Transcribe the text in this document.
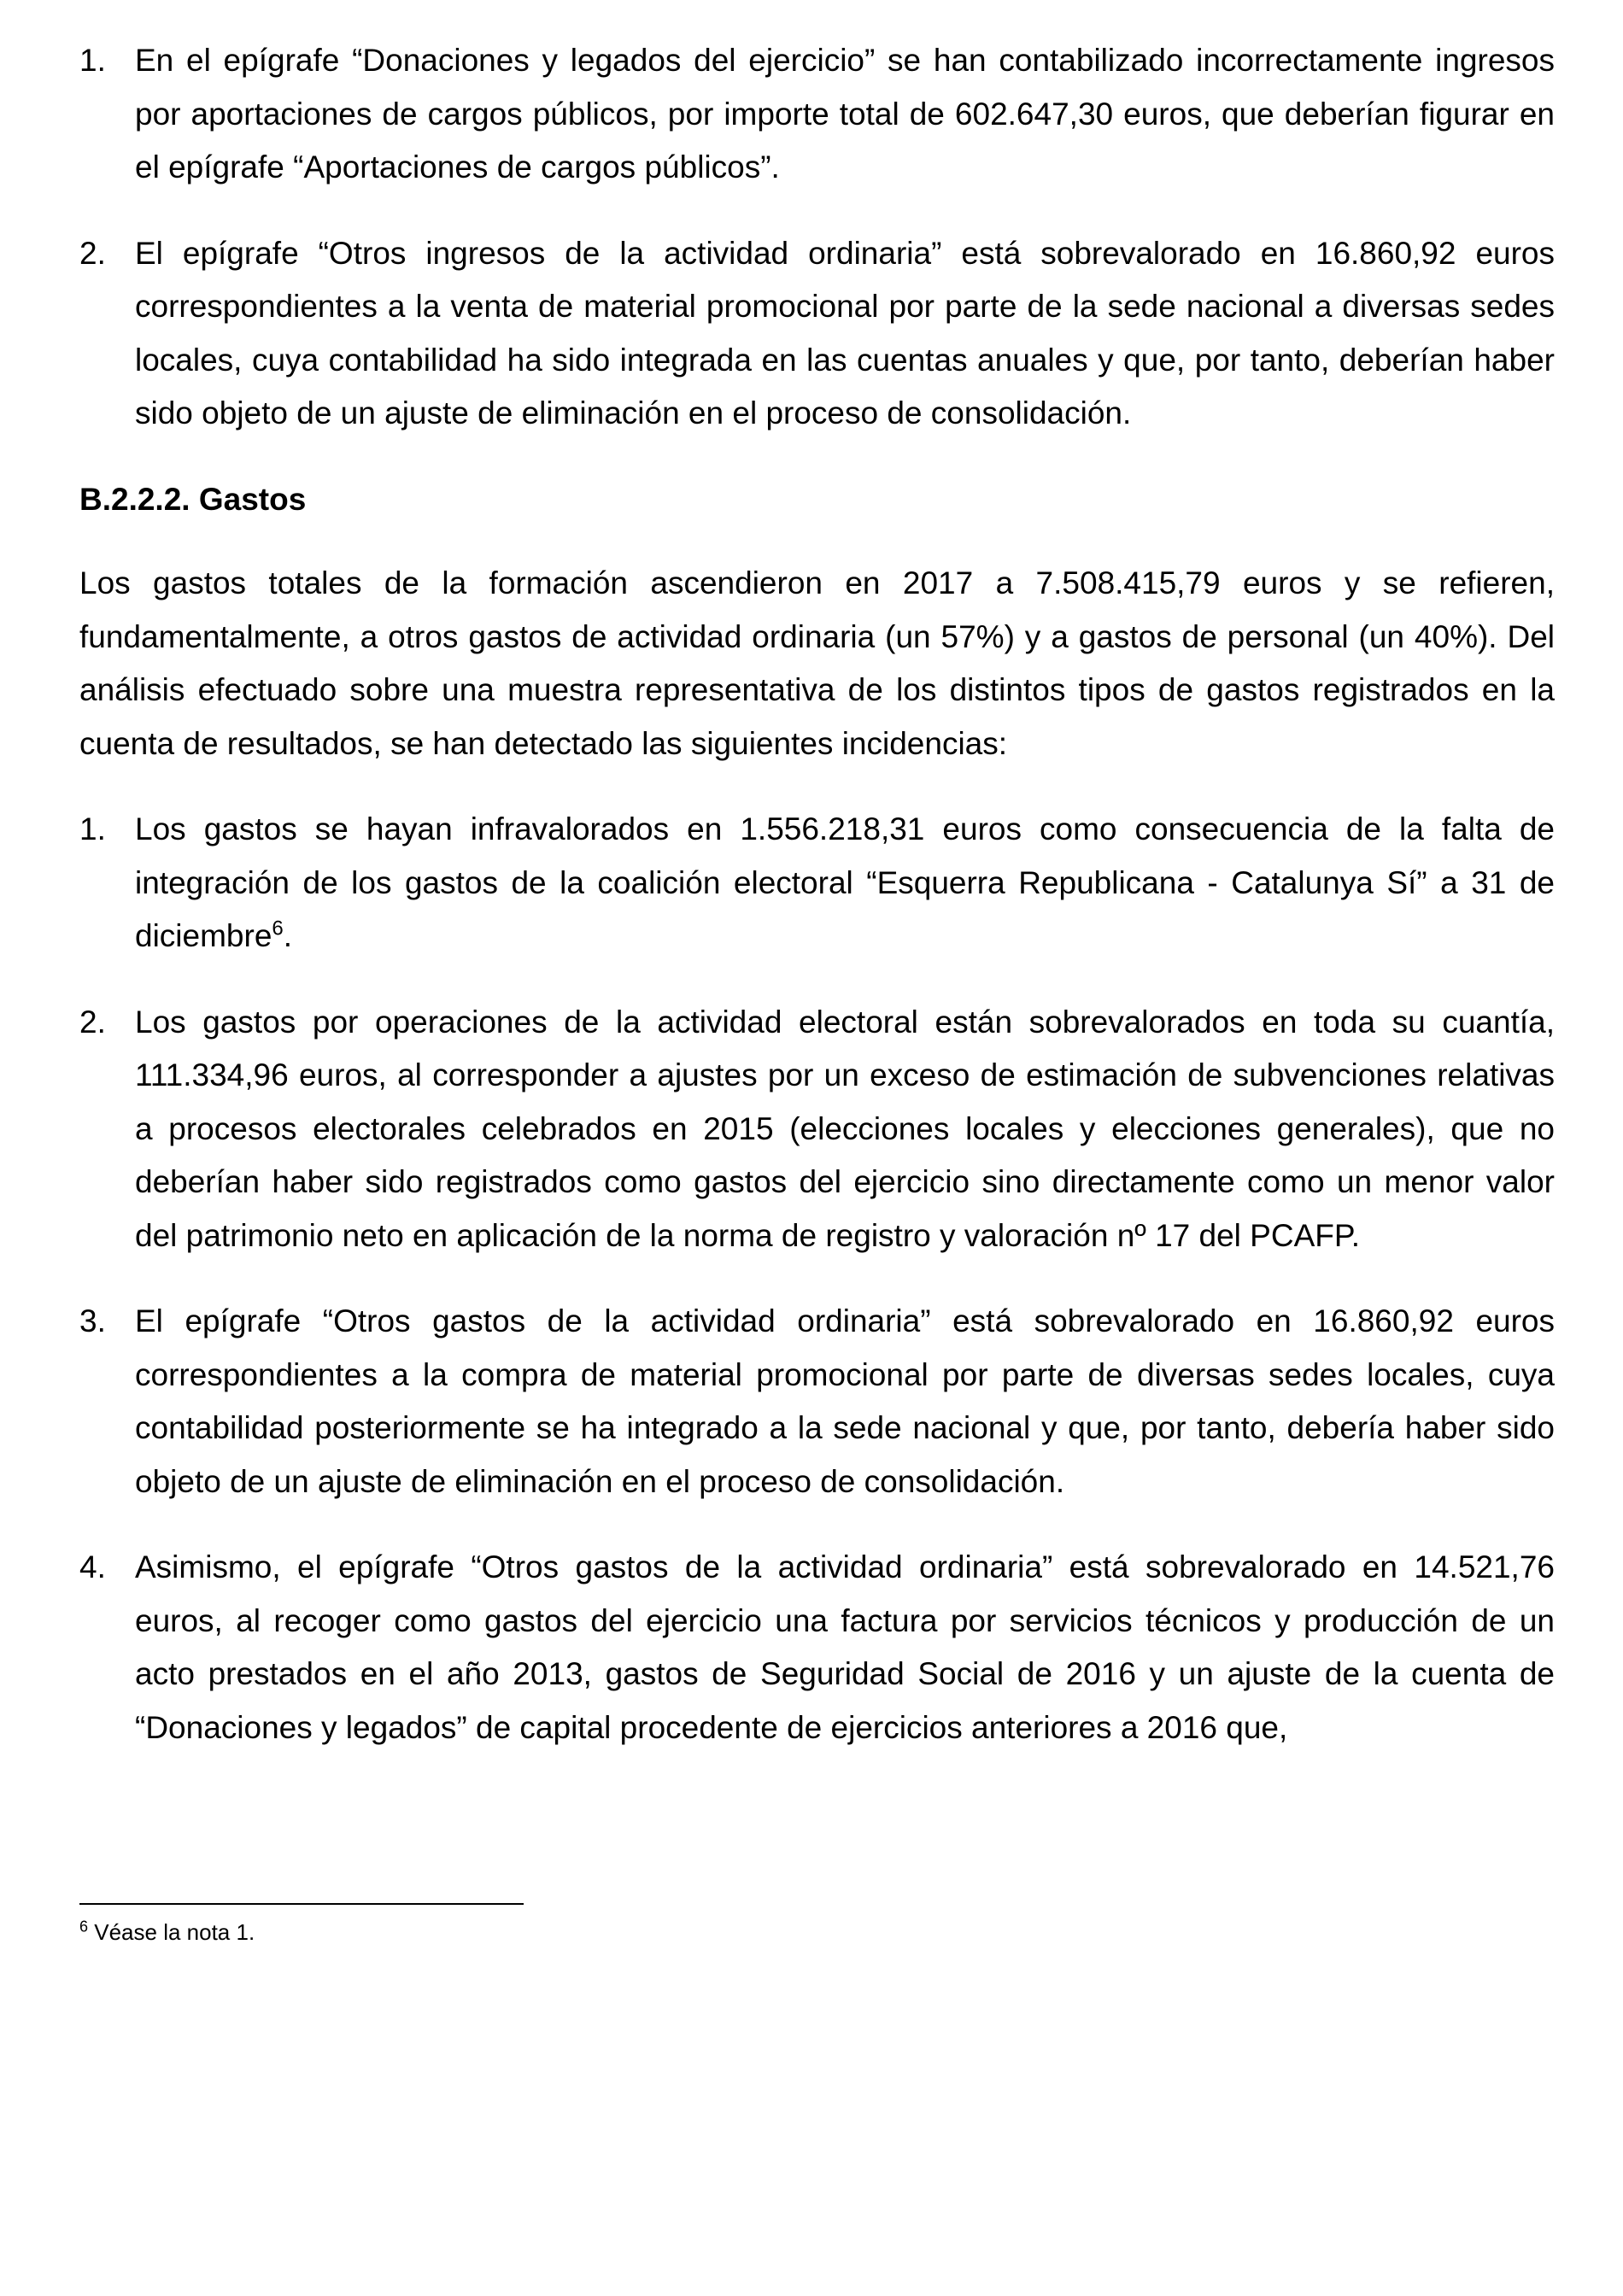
1. En el epígrafe “Donaciones y legados del ejercicio” se han contabilizado incorrectamente ingresos por aportaciones de cargos públicos, por importe total de 602.647,30 euros, que deberían figurar en el epígrafe “Aportaciones de cargos públicos”.
2. El epígrafe “Otros ingresos de la actividad ordinaria” está sobrevalorado en 16.860,92 euros correspondientes a la venta de material promocional por parte de la sede nacional a diversas sedes locales, cuya contabilidad ha sido integrada en las cuentas anuales y que, por tanto, deberían haber sido objeto de un ajuste de eliminación en el proceso de consolidación.
B.2.2.2. Gastos

Los gastos totales de la formación ascendieron en 2017 a 7.508.415,79 euros y se refieren, fundamentalmente, a otros gastos de actividad ordinaria (un 57%) y a gastos de personal (un 40%). Del análisis efectuado sobre una muestra representativa de los distintos tipos de gastos registrados en la cuenta de resultados, se han detectado las siguientes incidencias:

1. Los gastos se hayan infravalorados en 1.556.218,31 euros como consecuencia de la falta de integración de los gastos de la coalición electoral “Esquerra Republicana - Catalunya Sí” a 31 de diciembre$^6$.
2. Los gastos por operaciones de la actividad electoral están sobrevalorados en toda su cuantía, 111.334,96 euros, al corresponder a ajustes por un exceso de estimación de subvenciones relativas a procesos electorales celebrados en 2015 (elecciones locales y elecciones generales), que no deberían haber sido registrados como gastos del ejercicio sino directamente como un menor valor del patrimonio neto en aplicación de la norma de registro y valoración nº 17 del PCAFP.
3. El epígrafe “Otros gastos de la actividad ordinaria” está sobrevalorado en 16.860,92 euros correspondientes a la compra de material promocional por parte de diversas sedes locales, cuya contabilidad posteriormente se ha integrado a la sede nacional y que, por tanto, debería haber sido objeto de un ajuste de eliminación en el proceso de consolidación.
4. Asimismo, el epígrafe “Otros gastos de la actividad ordinaria” está sobrevalorado en 14.521,76 euros, al recoger como gastos del ejercicio una factura por servicios técnicos y producción de un acto prestados en el año 2013, gastos de Seguridad Social de 2016 y un ajuste de la cuenta de “Donaciones y legados” de capital procedente de ejercicios anteriores a 2016 que,
$^6$ Véase la nota 1.
